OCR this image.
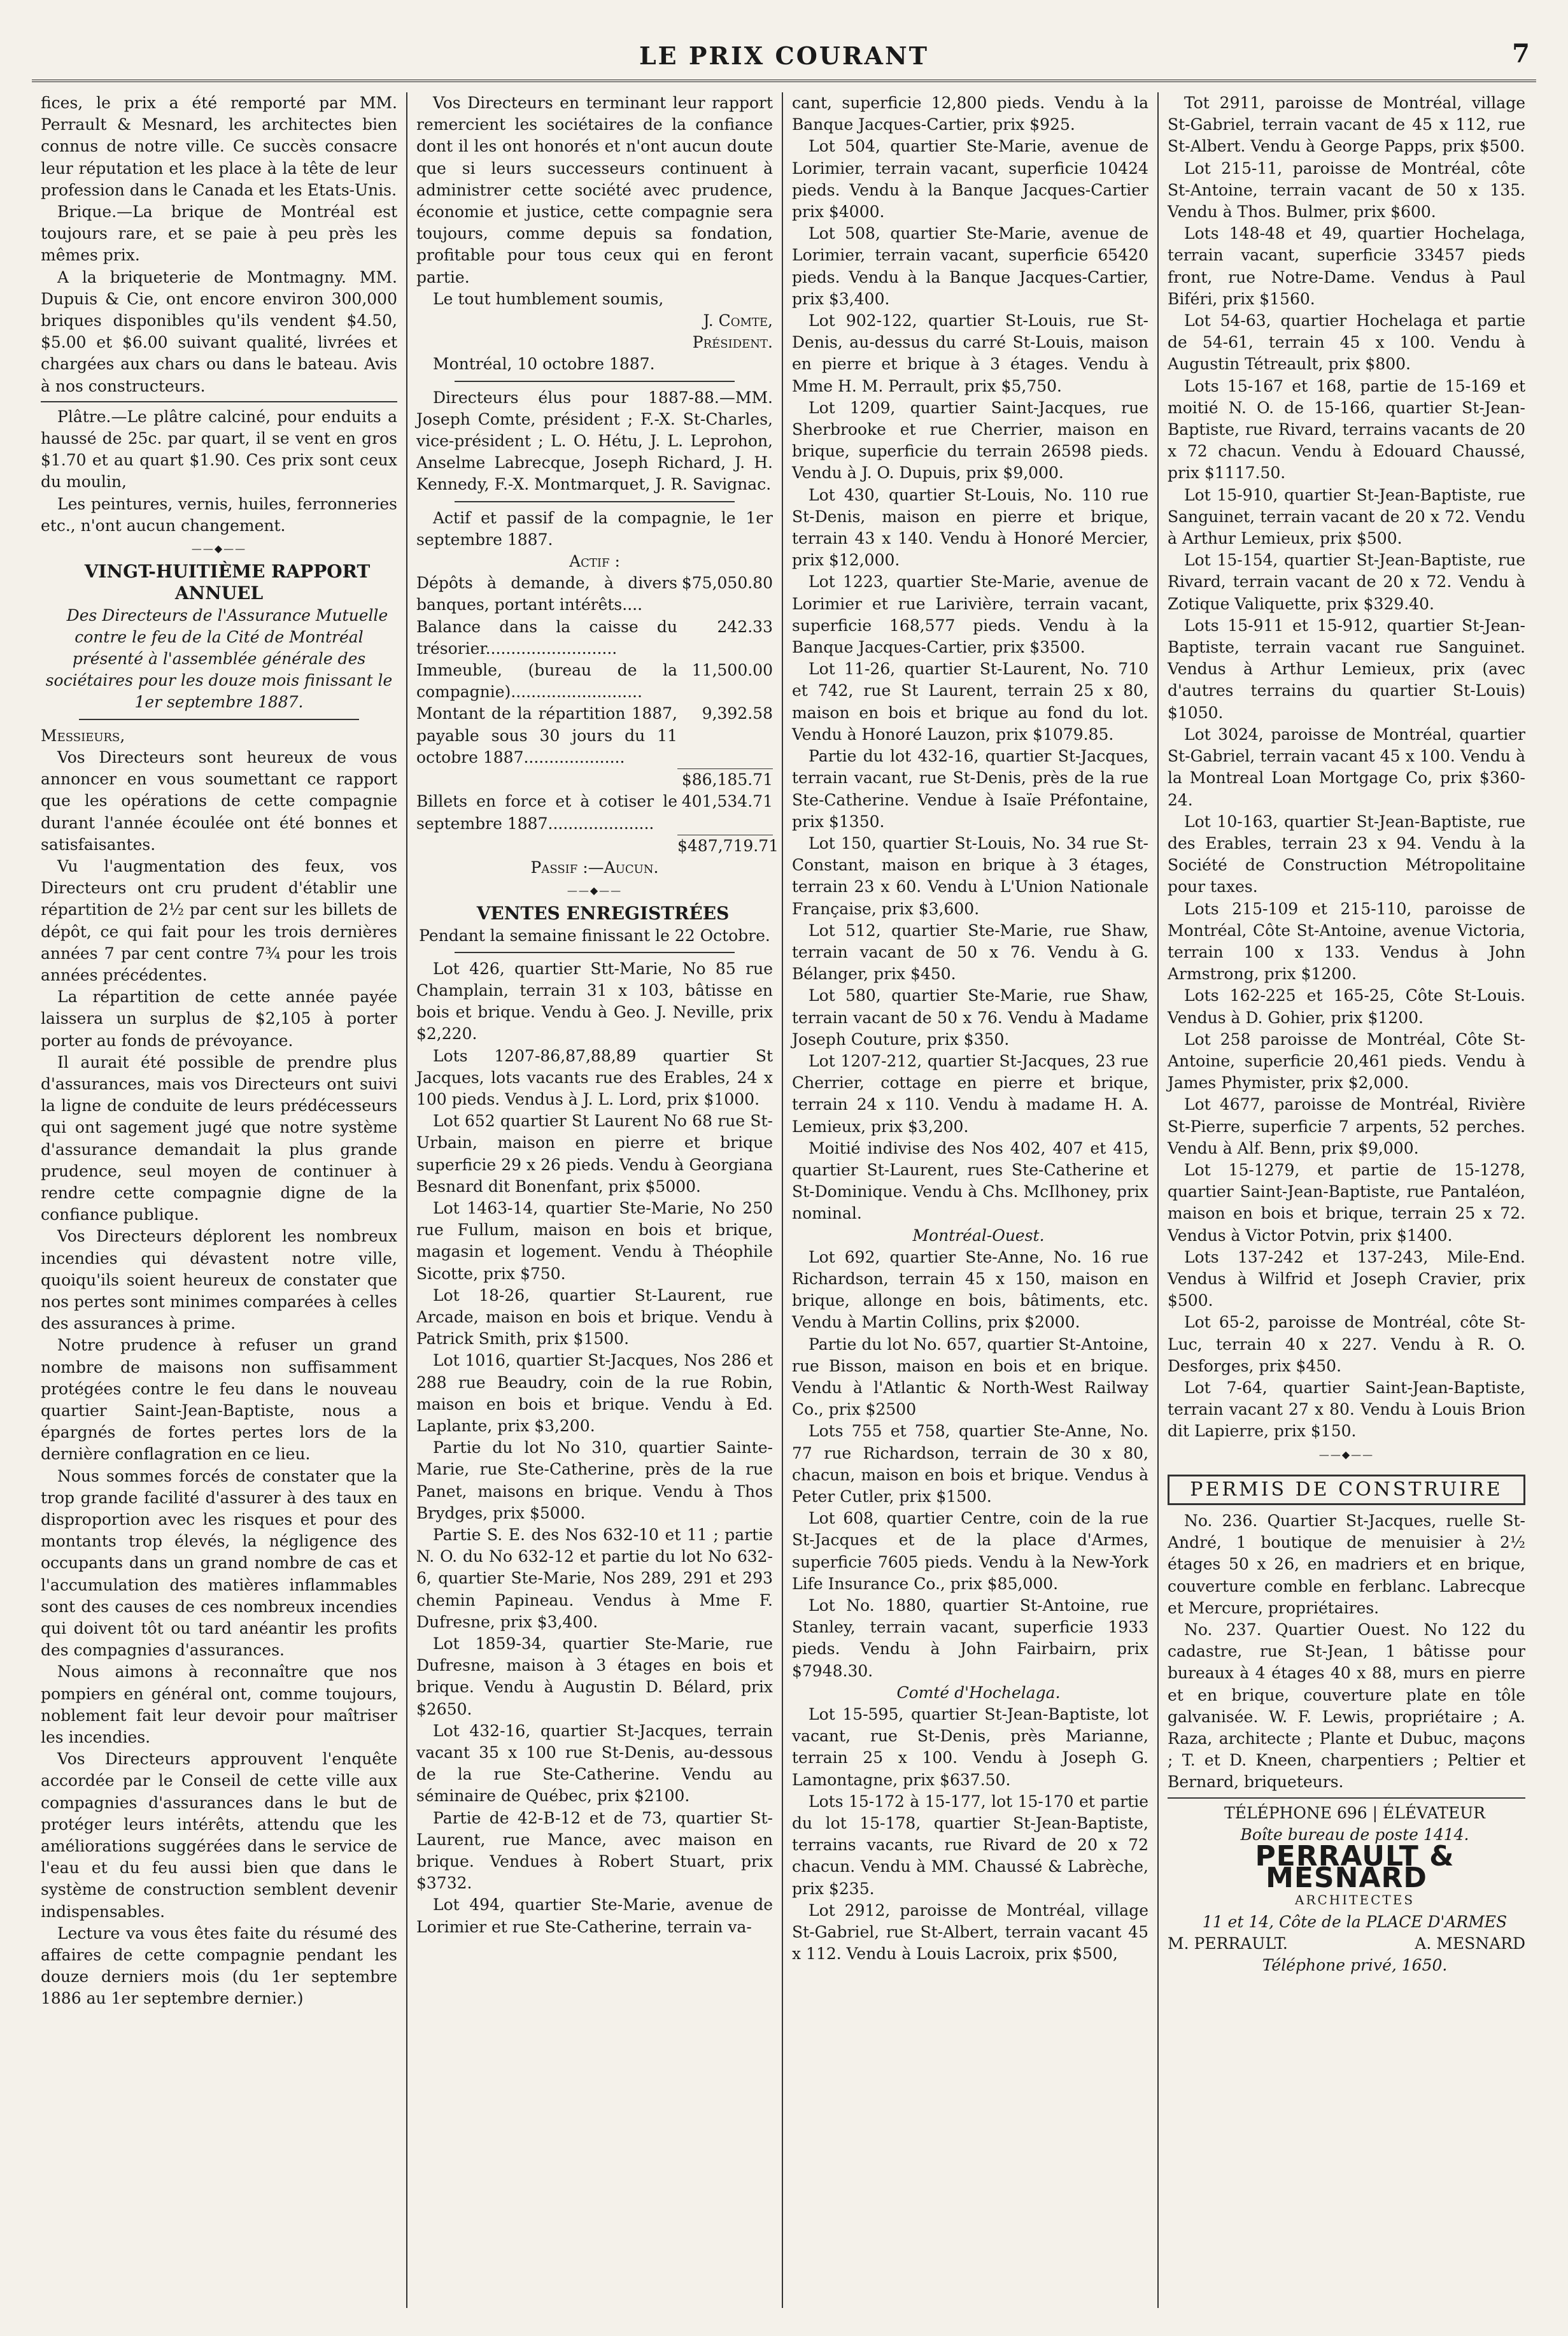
LE PRIX COURANT	7

fices, le prix a été remporté par MM. Perrault & Mesnard, les architectes bien connus de notre ville. Ce succès consacre leur réputation et les place à la tête de leur profession dans le Canada et les Etats-Unis.

Brique.—La brique de Montréal est toujours rare, et se paie à peu près les mêmes prix.

A la briqueterie de Montmagny. MM. Dupuis & Cie, ont encore environ 300,000 briques disponibles qu'ils vendent $4.50, $5.00 et $6.00 suivant qualité, livrées et chargées aux chars ou dans le bateau. Avis à nos constructeurs.

Plâtre.—Le plâtre calciné, pour enduits a haussé de 25c. par quart, il se vent en gros $1.70 et au quart $1.90. Ces prix sont ceux du moulin,

Les peintures, vernis, huiles, ferronneries etc., n'ont aucun changement.

——◆——

VINGT-HUITIÈME RAPPORT ANNUEL

Des Directeurs de l'Assurance Mutuelle contre le feu de la Cité de Montréal présenté à l'assemblée générale des sociétaires pour les douze mois finissant le 1er septembre 1887.

Messieurs,

Vos Directeurs sont heureux de vous annoncer en vous soumettant ce rapport que les opérations de cette compagnie durant l'année écoulée ont été bonnes et satisfaisantes.

Vu l'augmentation des feux, vos Directeurs ont cru prudent d'établir une répartition de 2½ par cent sur les billets de dépôt, ce qui fait pour les trois dernières années 7 par cent contre 7¾ pour les trois années précédentes.

La répartition de cette année payée laissera un surplus de $2,105 à porter porter au fonds de prévoyance.

Il aurait été possible de prendre plus d'assurances, mais vos Directeurs ont suivi la ligne de conduite de leurs prédécesseurs qui ont sagement jugé que notre système d'assurance demandait la plus grande prudence, seul moyen de continuer à rendre cette compagnie digne de la confiance publique.

Vos Directeurs déplorent les nombreux incendies qui dévastent notre ville, quoiqu'ils soient heureux de constater que nos pertes sont minimes comparées à celles des assurances à prime.

Notre prudence à refuser un grand nombre de maisons non suffisamment protégées contre le feu dans le nouveau quartier Saint-Jean-Baptiste, nous a épargnés de fortes pertes lors de la dernière conflagration en ce lieu.

Nous sommes forcés de constater que la trop grande facilité d'assurer à des taux en disproportion avec les risques et pour des montants trop élevés, la négligence des occupants dans un grand nombre de cas et l'accumulation des matières inflammables sont des causes de ces nombreux incendies qui doivent tôt ou tard anéantir les profits des compagnies d'assurances.

Nous aimons à reconnaître que nos pompiers en général ont, comme toujours, noblement fait leur devoir pour maîtriser les incendies.

Vos Directeurs approuvent l'enquête accordée par le Conseil de cette ville aux compagnies d'assurances dans le but de protéger leurs intérêts, attendu que les améliorations suggérées dans le service de l'eau et du feu aussi bien que dans le système de construction semblent devenir indispensables.

Lecture va vous êtes faite du résumé des affaires de cette compagnie pendant les douze derniers mois (du 1er septembre 1886 au 1er septembre dernier.)

Vos Directeurs en terminant leur rapport remercient les sociétaires de la confiance dont il les ont honorés et n'ont aucun doute que si leurs successeurs continuent à administrer cette société avec prudence, économie et justice, cette compagnie sera toujours, comme depuis sa fondation, profitable pour tous ceux qui en feront partie.

Le tout humblement soumis,

J. Comte,

Président.

Montréal, 10 octobre 1887.

Directeurs élus pour 1887-88.—MM. Joseph Comte, président ; F.-X. St-Charles, vice-président ; L. O. Hétu, J. L. Leprohon, Anselme Labrecque, Joseph Richard, J. H. Kennedy, F.-X. Montmarquet, J. R. Savignac.

Actif et passif de la compagnie, le 1er septembre 1887.

Actif :

Dépôts à demande, à divers banques, portant intérêts....
$75,050.80
Balance dans la caisse du trésorier..........................
242.33
Immeuble, (bureau de la compagnie)..........................
11,500.00
Montant de la répartition 1887, payable sous 30 jours du 11 octobre 1887....................
9,392.58
$86,185.71
Billets en force et à cotiser le septembre 1887.....................
401,534.71
$487,719.71

Passif :—Aucun.

——◆——

VENTES ENREGISTRÉES

Pendant la semaine finissant le 22 Octobre.

Lot 426, quartier Stt-Marie, No 85 rue Champlain, terrain 31 x 103, bâtisse en bois et brique. Vendu à Geo. J. Neville, prix $2,220.

Lots 1207-86,87,88,89 quartier St Jacques, lots vacants rue des Erables, 24 x 100 pieds. Vendus à J. L. Lord, prix $1000.

Lot 652 quartier St Laurent No 68 rue St-Urbain, maison en pierre et brique superficie 29 x 26 pieds. Vendu à Georgiana Besnard dit Bonenfant, prix $5000.

Lot 1463-14, quartier Ste-Marie, No 250 rue Fullum, maison en bois et brique, magasin et logement. Vendu à Théophile Sicotte, prix $750.

Lot 18-26, quartier St-Laurent, rue Arcade, maison en bois et brique. Vendu à Patrick Smith, prix $1500.

Lot 1016, quartier St-Jacques, Nos 286 et 288 rue Beaudry, coin de la rue Robin, maison en bois et brique. Vendu à Ed. Laplante, prix $3,200.

Partie du lot No 310, quartier Sainte-Marie, rue Ste-Catherine, près de la rue Panet, maisons en brique. Vendu à Thos Brydges, prix $5000.

Partie S. E. des Nos 632-10 et 11 ; partie N. O. du No 632-12 et partie du lot No 632-6, quartier Ste-Marie, Nos 289, 291 et 293 chemin Papineau. Vendus à Mme F. Dufresne, prix $3,400.

Lot 1859-34, quartier Ste-Marie, rue Dufresne, maison à 3 étages en bois et brique. Vendu à Augustin D. Bélard, prix $2650.

Lot 432-16, quartier St-Jacques, terrain vacant 35 x 100 rue St-Denis, au-dessous de la rue Ste-Catherine. Vendu au séminaire de Québec, prix $2100.

Partie de 42-B-12 et de 73, quartier St-Laurent, rue Mance, avec maison en brique. Vendues à Robert Stuart, prix $3732.

Lot 494, quartier Ste-Marie, avenue de Lorimier et rue Ste-Catherine, terrain va-

cant, superficie 12,800 pieds. Vendu à la Banque Jacques-Cartier, prix $925.

Lot 504, quartier Ste-Marie, avenue de Lorimier, terrain vacant, superficie 10424 pieds. Vendu à la Banque Jacques-Cartier prix $4000.

Lot 508, quartier Ste-Marie, avenue de Lorimier, terrain vacant, superficie 65420 pieds. Vendu à la Banque Jacques-Cartier, prix $3,400.

Lot 902-122, quartier St-Louis, rue St-Denis, au-dessus du carré St-Louis, maison en pierre et brique à 3 étages. Vendu à Mme H. M. Perrault, prix $5,750.

Lot 1209, quartier Saint-Jacques, rue Sherbrooke et rue Cherrier, maison en brique, superficie du terrain 26598 pieds. Vendu à J. O. Dupuis, prix $9,000.

Lot 430, quartier St-Louis, No. 110 rue St-Denis, maison en pierre et brique, terrain 43 x 140. Vendu à Honoré Mercier, prix $12,000.

Lot 1223, quartier Ste-Marie, avenue de Lorimier et rue Larivière, terrain vacant, superficie 168,577 pieds. Vendu à la Banque Jacques-Cartier, prix $3500.

Lot 11-26, quartier St-Laurent, No. 710 et 742, rue St Laurent, terrain 25 x 80, maison en bois et brique au fond du lot. Vendu à Honoré Lauzon, prix $1079.85.

Partie du lot 432-16, quartier St-Jacques, terrain vacant, rue St-Denis, près de la rue Ste-Catherine. Vendue à Isaïe Préfontaine, prix $1350.

Lot 150, quartier St-Louis, No. 34 rue St-Constant, maison en brique à 3 étages, terrain 23 x 60. Vendu à L'Union Nationale Française, prix $3,600.

Lot 512, quartier Ste-Marie, rue Shaw, terrain vacant de 50 x 76. Vendu à G. Bélanger, prix $450.

Lot 580, quartier Ste-Marie, rue Shaw, terrain vacant de 50 x 76. Vendu à Madame Joseph Couture, prix $350.

Lot 1207-212, quartier St-Jacques, 23 rue Cherrier, cottage en pierre et brique, terrain 24 x 110. Vendu à madame H. A. Lemieux, prix $3,200.

Moitié indivise des Nos 402, 407 et 415, quartier St-Laurent, rues Ste-Catherine et St-Dominique. Vendu à Chs. McIlhoney, prix nominal.

Montréal-Ouest.

Lot 692, quartier Ste-Anne, No. 16 rue Richardson, terrain 45 x 150, maison en brique, allonge en bois, bâtiments, etc. Vendu à Martin Collins, prix $2000.

Partie du lot No. 657, quartier St-Antoine, rue Bisson, maison en bois et en brique. Vendu à l'Atlantic & North-West Railway Co., prix $2500

Lots 755 et 758, quartier Ste-Anne, No. 77 rue Richardson, terrain de 30 x 80, chacun, maison en bois et brique. Vendus à Peter Cutler, prix $1500.

Lot 608, quartier Centre, coin de la rue St-Jacques et de la place d'Armes, superficie 7605 pieds. Vendu à la New-York Life Insurance Co., prix $85,000.

Lot No. 1880, quartier St-Antoine, rue Stanley, terrain vacant, superficie 1933 pieds. Vendu à John Fairbairn, prix $7948.30.

Comté d'Hochelaga.

Lot 15-595, quartier St-Jean-Baptiste, lot vacant, rue St-Denis, près Marianne, terrain 25 x 100. Vendu à Joseph G. Lamontagne, prix $637.50.

Lots 15-172 à 15-177, lot 15-170 et partie du lot 15-178, quartier St-Jean-Baptiste, terrains vacants, rue Rivard de 20 x 72 chacun. Vendu à MM. Chaussé & Labrèche, prix $235.

Lot 2912, paroisse de Montréal, village St-Gabriel, rue St-Albert, terrain vacant 45 x 112. Vendu à Louis Lacroix, prix $500,

Tot 2911, paroisse de Montréal, village St-Gabriel, terrain vacant de 45 x 112, rue St-Albert. Vendu à George Papps, prix $500.

Lot 215-11, paroisse de Montréal, côte St-Antoine, terrain vacant de 50 x 135. Vendu à Thos. Bulmer, prix $600.

Lots 148-48 et 49, quartier Hochelaga, terrain vacant, superficie 33457 pieds front, rue Notre-Dame. Vendus à Paul Biféri, prix $1560.

Lot 54-63, quartier Hochelaga et partie de 54-61, terrain 45 x 100. Vendu à Augustin Tétreault, prix $800.

Lots 15-167 et 168, partie de 15-169 et moitié N. O. de 15-166, quartier St-Jean-Baptiste, rue Rivard, terrains vacants de 20 x 72 chacun. Vendu à Edouard Chaussé, prix $1117.50.

Lot 15-910, quartier St-Jean-Baptiste, rue Sanguinet, terrain vacant de 20 x 72. Vendu à Arthur Lemieux, prix $500.

Lot 15-154, quartier St-Jean-Baptiste, rue Rivard, terrain vacant de 20 x 72. Vendu à Zotique Valiquette, prix $329.40.

Lots 15-911 et 15-912, quartier St-Jean-Baptiste, terrain vacant rue Sanguinet. Vendus à Arthur Lemieux, prix (avec d'autres terrains du quartier St-Louis) $1050.

Lot 3024, paroisse de Montréal, quartier St-Gabriel, terrain vacant 45 x 100. Vendu à la Montreal Loan Mortgage Co, prix $360-24.

Lot 10-163, quartier St-Jean-Baptiste, rue des Erables, terrain 23 x 94. Vendu à la Société de Construction Métropolitaine pour taxes.

Lots 215-109 et 215-110, paroisse de Montréal, Côte St-Antoine, avenue Victoria, terrain 100 x 133. Vendus à John Armstrong, prix $1200.

Lots 162-225 et 165-25, Côte St-Louis. Vendus à D. Gohier, prix $1200.

Lot 258 paroisse de Montréal, Côte St-Antoine, superficie 20,461 pieds. Vendu à James Phymister, prix $2,000.

Lot 4677, paroisse de Montréal, Rivière St-Pierre, superficie 7 arpents, 52 perches. Vendu à Alf. Benn, prix $9,000.

Lot 15-1279, et partie de 15-1278, quartier Saint-Jean-Baptiste, rue Pantaléon, maison en bois et brique, terrain 25 x 72. Vendus à Victor Potvin, prix $1400.

Lots 137-242 et 137-243, Mile-End. Vendus à Wilfrid et Joseph Cravier, prix $500.

Lot 65-2, paroisse de Montréal, côte St-Luc, terrain 40 x 227. Vendu à R. O. Desforges, prix $450.

Lot 7-64, quartier Saint-Jean-Baptiste, terrain vacant 27 x 80. Vendu à Louis Brion dit Lapierre, prix $150.

——◆——
PERMIS DE CONSTRUIRE

No. 236. Quartier St-Jacques, ruelle St-André, 1 boutique de menuisier à 2½ étages 50 x 26, en madriers et en brique, couverture comble en ferblanc. Labrecque et Mercure, propriétaires.

No. 237. Quartier Ouest. No 122 du cadastre, rue St-Jean, 1 bâtisse pour bureaux à 4 étages 40 x 88, murs en pierre et en brique, couverture plate en tôle galvanisée. W. F. Lewis, propriétaire ; A. Raza, architecte ; Plante et Dubuc, maçons ; T. et D. Kneen, charpentiers ; Peltier et Bernard, briqueteurs.

TÉLÉPHONE 696 | ÉLÉVATEUR

Boîte bureau de poste 1414.

PERRAULT & MESNARD

ARCHITECTES

11 et 14, Côte de la PLACE D'ARMES

M. PERRAULT.	A. MESNARD

Téléphone privé, 1650.
